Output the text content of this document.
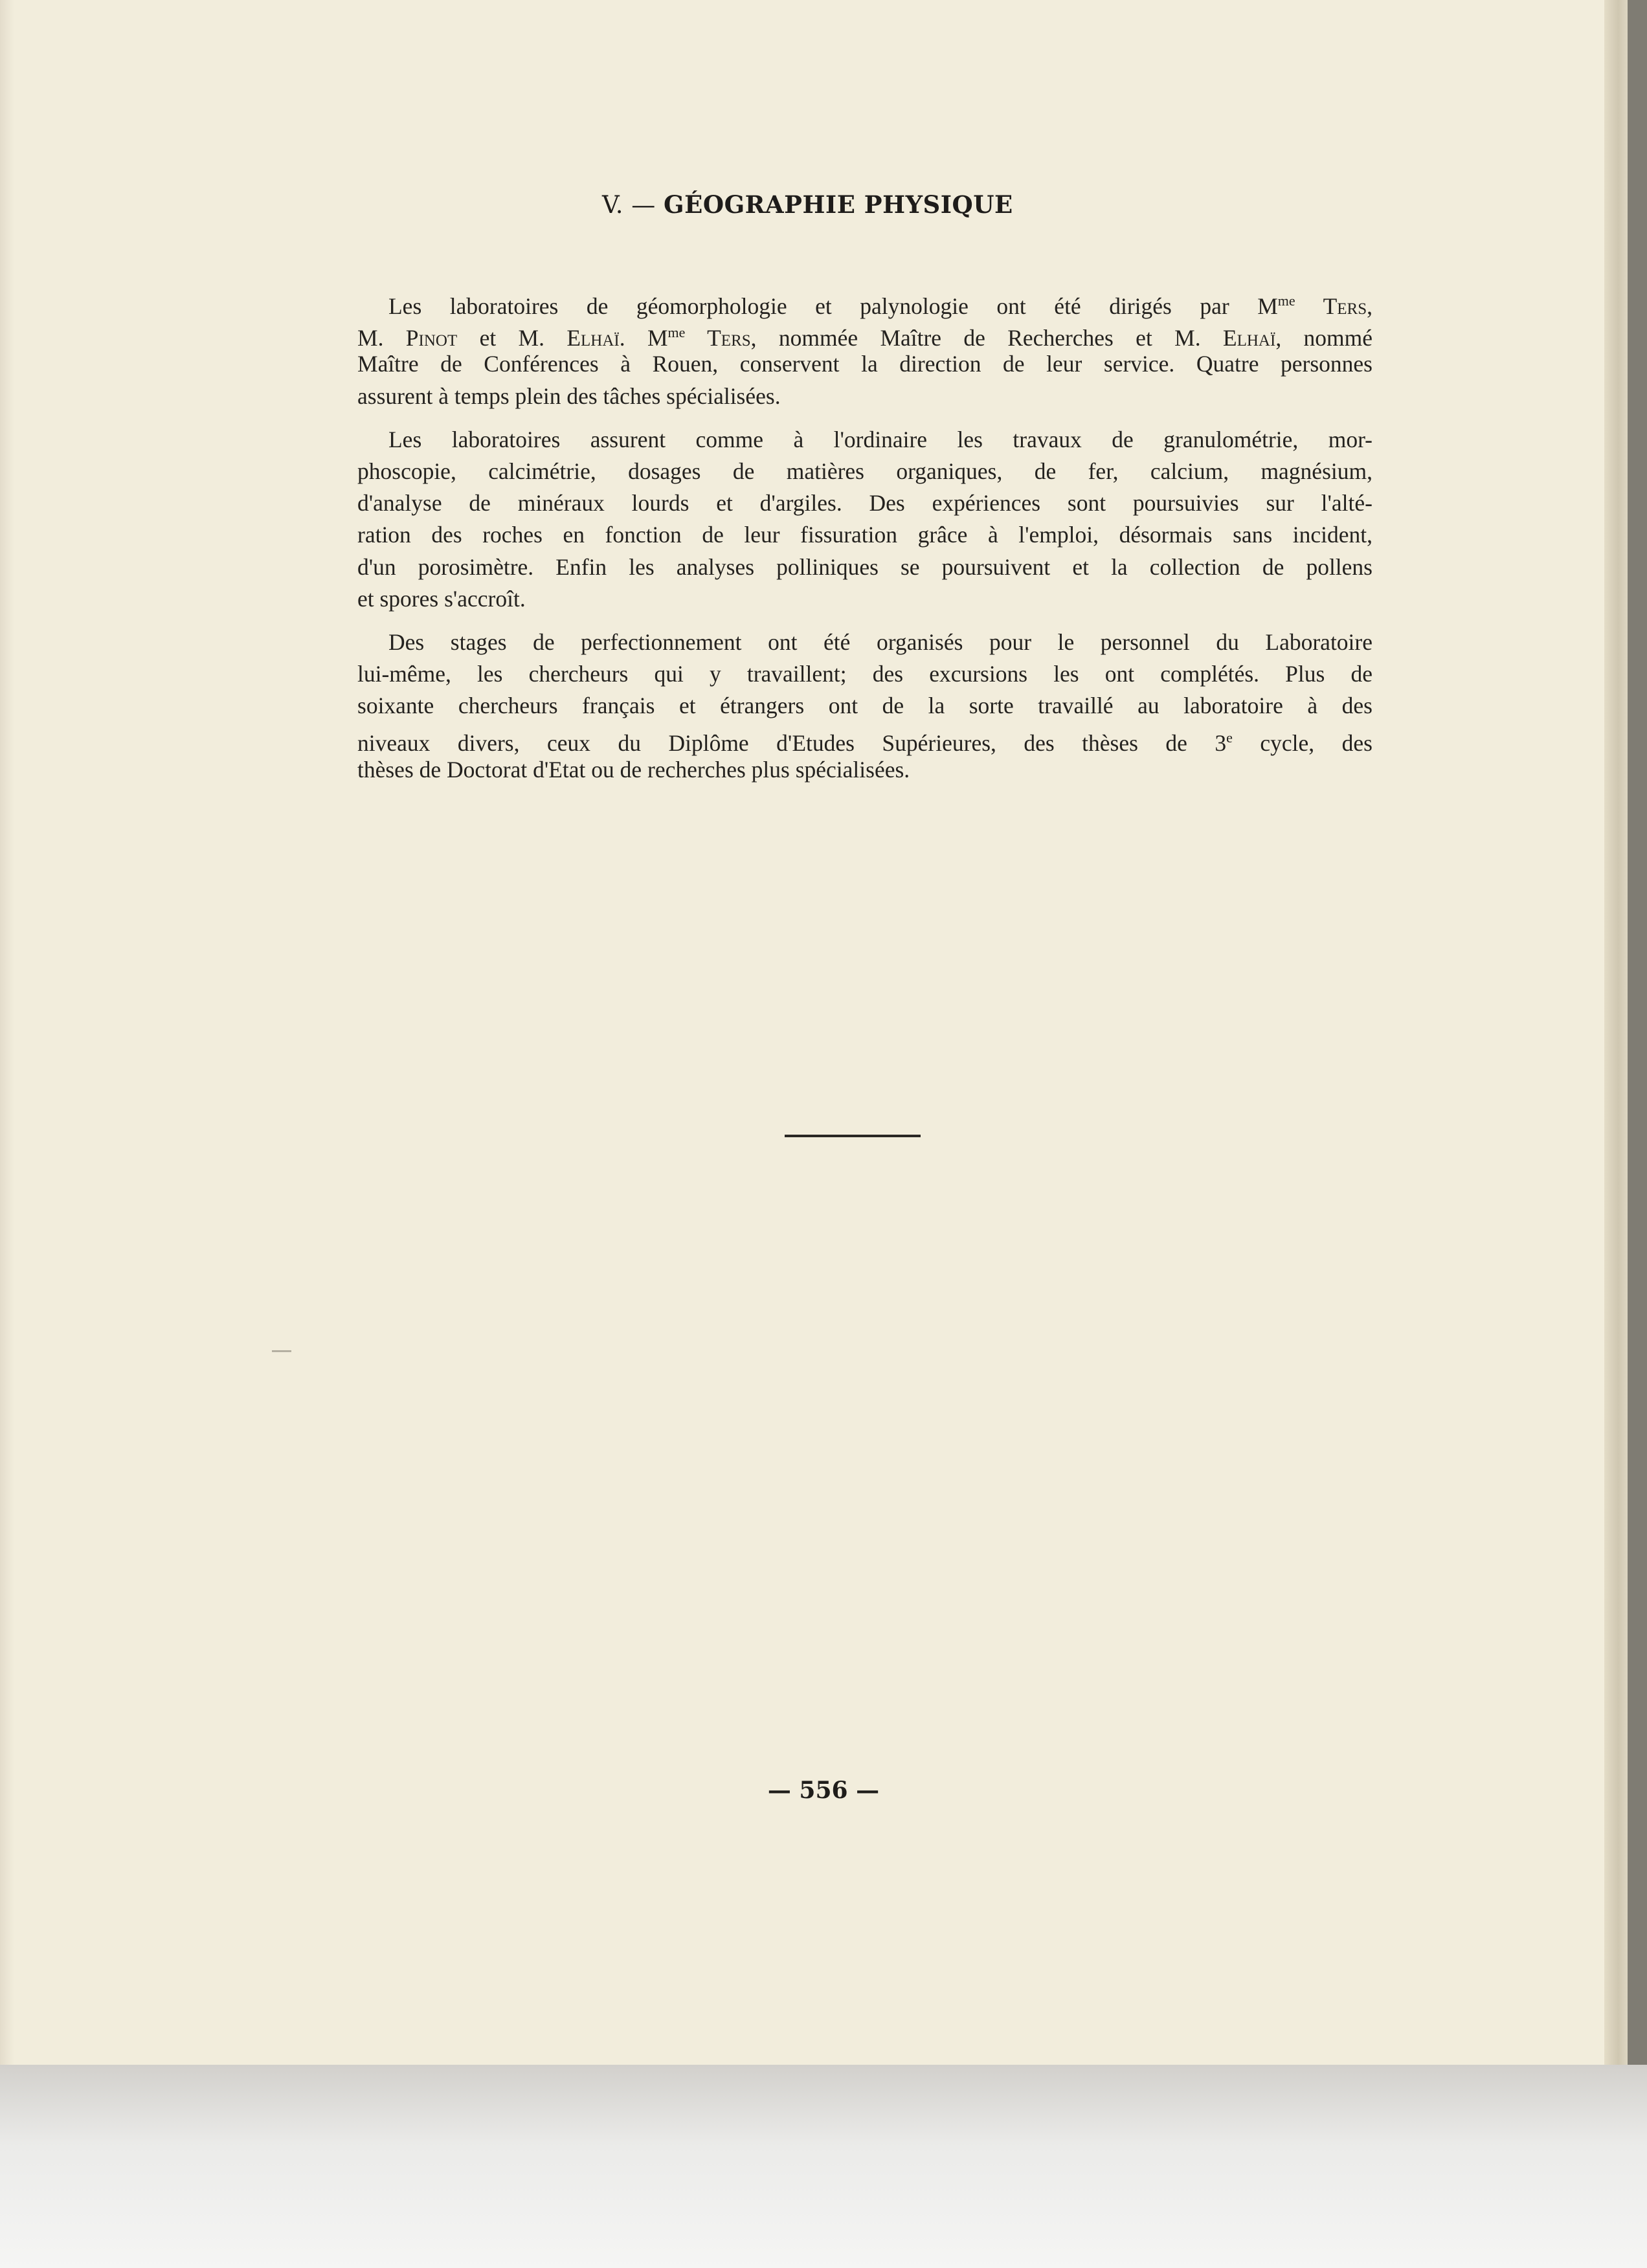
V. — GÉOGRAPHIE PHYSIQUE
Les laboratoires de géomorphologie et palynologie ont été dirigés par $M^{me}$ Ters,
M. Pinot et M. Elhaï. $M^{me}$ Ters, nommée Maître de Recherches et M. Elhaï, nommé
Maître de Conférences à Rouen, conservent la direction de leur service. Quatre personnes
assurent à temps plein des tâches spécialisées.
Les laboratoires assurent comme à l'ordinaire les travaux de granulométrie, mor-
phoscopie, calcimétrie, dosages de matières organiques, de fer, calcium, magnésium,
d'analyse de minéraux lourds et d'argiles. Des expériences sont poursuivies sur l'alté-
ration des roches en fonction de leur fissuration grâce à l'emploi, désormais sans incident,
d'un porosimètre. Enfin les analyses polliniques se poursuivent et la collection de pollens
et spores s'accroît.
Des stages de perfectionnement ont été organisés pour le personnel du Laboratoire
lui-même, les chercheurs qui y travaillent; des excursions les ont complétés. Plus de
soixante chercheurs français et étrangers ont de la sorte travaillé au laboratoire à des
niveaux divers, ceux du Diplôme d'Etudes Supérieures, des thèses de 3e cycle, des
thèses de Doctorat d'Etat ou de recherches plus spécialisées.
— 556 —
